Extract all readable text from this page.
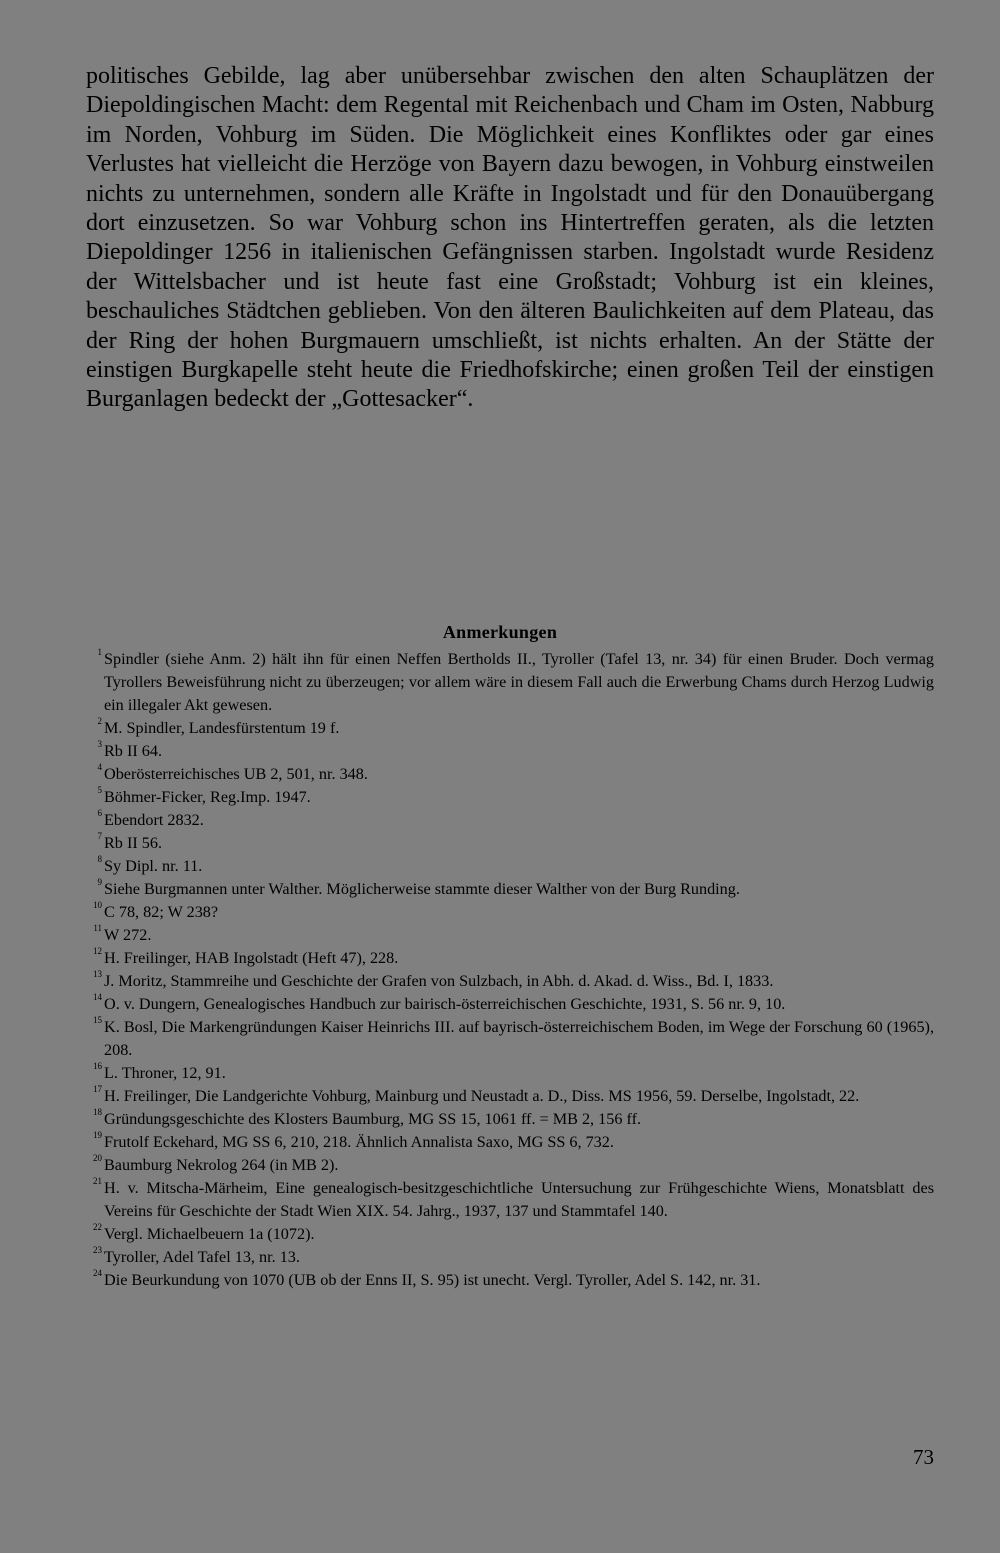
politisches Gebilde, lag aber unübersehbar zwischen den alten Schauplätzen der Diepoldingischen Macht: dem Regental mit Reichenbach und Cham im Osten, Nabburg im Norden, Vohburg im Süden. Die Möglichkeit eines Konfliktes oder gar eines Verlustes hat vielleicht die Herzöge von Bayern dazu bewogen, in Vohburg einstweilen nichts zu unternehmen, sondern alle Kräfte in Ingolstadt und für den Donauübergang dort einzusetzen. So war Vohburg schon ins Hintertreffen geraten, als die letzten Diepoldinger 1256 in italienischen Gefängnissen starben. Ingolstadt wurde Residenz der Wittelsbacher und ist heute fast eine Großstadt; Vohburg ist ein kleines, beschauliches Städtchen geblieben. Von den älteren Baulichkeiten auf dem Plateau, das der Ring der hohen Burgmauern umschließt, ist nichts erhalten. An der Stätte der einstigen Burgkapelle steht heute die Friedhofskirche; einen großen Teil der einstigen Burganlagen bedeckt der „Gottesacker“.

Anmerkungen
1 Spindler (siehe Anm. 2) hält ihn für einen Neffen Bertholds II., Tyroller (Tafel 13, nr. 34) für einen Bruder. Doch vermag Tyrollers Beweisführung nicht zu überzeugen; vor allem wäre in diesem Fall auch die Erwerbung Chams durch Herzog Ludwig ein illegaler Akt gewesen.
2 M. Spindler, Landesfürstentum 19 f.
3 Rb II 64.
4 Oberösterreichisches UB 2, 501, nr. 348.
5 Böhmer-Ficker, Reg.Imp. 1947.
6 Ebendort 2832.
7 Rb II 56.
8 Sy Dipl. nr. 11.
9 Siehe Burgmannen unter Walther. Möglicherweise stammte dieser Walther von der Burg Runding.
10 C 78, 82; W 238?
11 W 272.
12 H. Freilinger, HAB Ingolstadt (Heft 47), 228.
13 J. Moritz, Stammreihe und Geschichte der Grafen von Sulzbach, in Abh. d. Akad. d. Wiss., Bd. I, 1833.
14 O. v. Dungern, Genealogisches Handbuch zur bairisch-österreichischen Geschichte, 1931, S. 56 nr. 9, 10.
15 K. Bosl, Die Markengründungen Kaiser Heinrichs III. auf bayrisch-österreichischem Boden, im Wege der Forschung 60 (1965), 208.
16 L. Throner, 12, 91.
17 H. Freilinger, Die Landgerichte Vohburg, Mainburg und Neustadt a. D., Diss. MS 1956, 59. Derselbe, Ingolstadt, 22.
18 Gründungsgeschichte des Klosters Baumburg, MG SS 15, 1061 ff. = MB 2, 156 ff.
19 Frutolf Eckehard, MG SS 6, 210, 218. Ähnlich Annalista Saxo, MG SS 6, 732.
20 Baumburg Nekrolog 264 (in MB 2).
21 H. v. Mitscha-Märheim, Eine genealogisch-besitzgeschichtliche Untersuchung zur Frühgeschichte Wiens, Monatsblatt des Vereins für Geschichte der Stadt Wien XIX. 54. Jahrg., 1937, 137 und Stammtafel 140.
22 Vergl. Michaelbeuern 1a (1072).
23 Tyroller, Adel Tafel 13, nr. 13.
24 Die Beurkundung von 1070 (UB ob der Enns II, S. 95) ist unecht. Vergl. Tyroller, Adel S. 142, nr. 31.

73
